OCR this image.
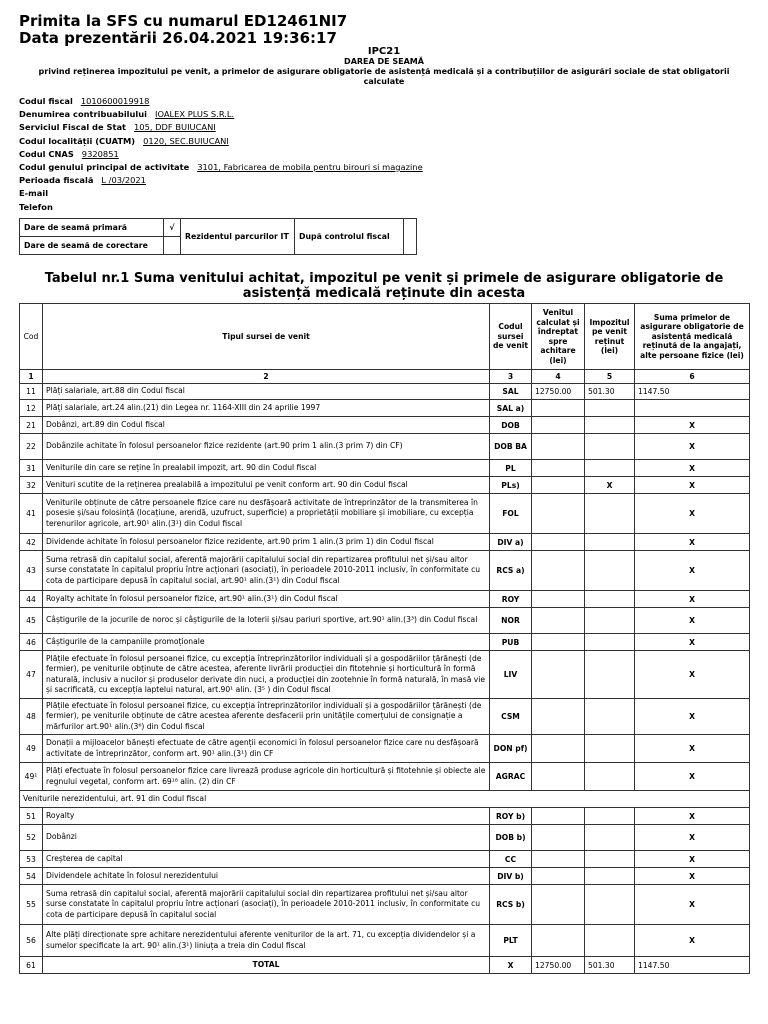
Primita la SFS cu numarul ED12461NI7
Data prezentării 26.04.2021 19:36:17
IPC21
DAREA DE SEAMĂ
privind reținerea impozitului pe venit, a primelor de asigurare obligatorie de asistență medicală și a contribuțiilor de asigurări sociale de stat obligatorii calculate
Codul fiscal 1010600019918
Denumirea contribuabilului IOALEX PLUS S.R.L.
Serviciul Fiscal de Stat 105, DDF BUIUCANI
Codul localității (CUATM) 0120, SEC.BUIUCANI
Codul CNAS 9320851
Codul genului principal de activitate 3101, Fabricarea de mobila pentru birouri si magazine
Perioada fiscală L /03/2021
E-mail
Telefon
Dare de seamă primară	√	Rezidentul parcurilor IT	După controlul fiscal	
Dare de seamă de corectare				
Tabelul nr.1 Suma venitului achitat, impozitul pe venit și primele de asigurare obligatorie de asistență medicală reținute din acesta
Cod	Tipul sursei de venit	Codul sursei de venit	Venitul calculat și îndreptat spre achitare (lei)	Impozitul pe venit reținut (lei)	Suma primelor de asigurare obligatorie de asistență medicală reținută de la angajați, alte persoane fizice (lei)
1	2	3	4	5	6
11	Plăți salariale, art.88 din Codul fiscal	SAL	12750.00	501.30	1147.50
12	Plăți salariale, art.24 alin.(21) din Legea nr. 1164-XIII din 24 aprilie 1997	SAL a)			
21	Dobânzi, art.89 din Codul fiscal	DOB			X
22	Dobânzile achitate în folosul persoanelor fizice rezidente (art.90 prim 1 alin.(3 prim 7) din CF)	DOB BA			X
31	Veniturile din care se reține în prealabil impozit, art. 90 din Codul fiscal	PL			X
32	Venituri scutite de la reținerea prealabilă a impozitului pe venit conform art. 90 din Codul fiscal	PLs)		X	X
41	Veniturile obținute de către persoanele fizice care nu desfășoară activitate de întreprinzător de la transmiterea în posesie și/sau folosință (locațiune, arendă, uzufruct, superficie) a proprietății mobiliare și imobiliare, cu excepția terenurilor agricole, art.90¹ alin.(3¹) din Codul fiscal	FOL			X
42	Dividende achitate în folosul persoanelor fizice rezidente, art.90 prim 1 alin.(3 prim 1) din Codul fiscal	DIV a)			X
43	Suma retrasă din capitalul social, aferentă majorării capitalului social din repartizarea profitului net și/sau altor surse constatate în capitalul propriu între acționari (asociați), în perioadele 2010-2011 inclusiv, în conformitate cu cota de participare depusă în capitalul social, art.90¹ alin.(3¹) din Codul fiscal	RCS a)			X
44	Royalty achitate în folosul persoanelor fizice, art.90¹ alin.(3¹) din Codul fiscal	ROY			X
45	Câștigurile de la jocurile de noroc și câștigurile de la loterii și/sau pariuri sportive, art.90¹ alin.(3³) din Codul fiscal	NOR			X
46	Câștigurile de la campaniile promoționale	PUB			X
47	Plățile efectuate în folosul persoanei fizice, cu excepția întreprinzătorilor individuali și a gospodăriilor țărănești (de fermier), pe veniturile obținute de către acestea, aferente livrării producției din fitotehnie și horticultură în formă naturală, inclusiv a nucilor și produselor derivate din nuci, a producției din zootehnie în formă naturală, în masă vie și sacrificată, cu excepția laptelui natural, art.90¹ alin. (3⁵ ) din Codul fiscal	LIV			X
48	Plățile efectuate în folosul persoanei fizice, cu excepția întreprinzătorilor individuali și a gospodăriilor țărănești (de fermier), pe veniturile obținute de către acestea aferente desfacerii prin unitățile comerțului de consignație a mărfurilor art.90¹ alin.(3⁶) din Codul fiscal	CSM			X
49	Donații a mijloacelor bănești efectuate de către agenții economici în folosul persoanelor fizice care nu desfășoară activitate de întreprinzător, conform art. 90¹ alin.(3¹) din CF	DON pf)			X
49¹	Plăți efectuate în folosul persoanelor fizice care livrează produse agricole din horticultură și fitotehnie și obiecte ale regnului vegetal, conform art. 69¹⁸ alin. (2) din CF	AGRAC			X
Veniturile nerezidentului, art. 91 din Codul fiscal					
51	Royalty	ROY b)			X
52	Dobânzi	DOB b)			X
53	Creșterea de capital	CC			X
54	Dividendele achitate în folosul nerezidentului	DIV b)			X
55	Suma retrasă din capitalul social, aferentă majorării capitalului social din repartizarea profitului net și/sau altor surse constatate în capitalul propriu între acționari (asociați), în perioadele 2010-2011 inclusiv, în conformitate cu cota de participare depusă în capitalul social	RCS b)			X
56	Alte plăți direcționate spre achitare nerezidentului aferente veniturilor de la art. 71, cu excepția dividendelor și a sumelor specificate la art. 90¹ alin.(3¹) liniuța a treia din Codul fiscal	PLT			X
61	TOTAL	X	12750.00	501.30	1147.50
